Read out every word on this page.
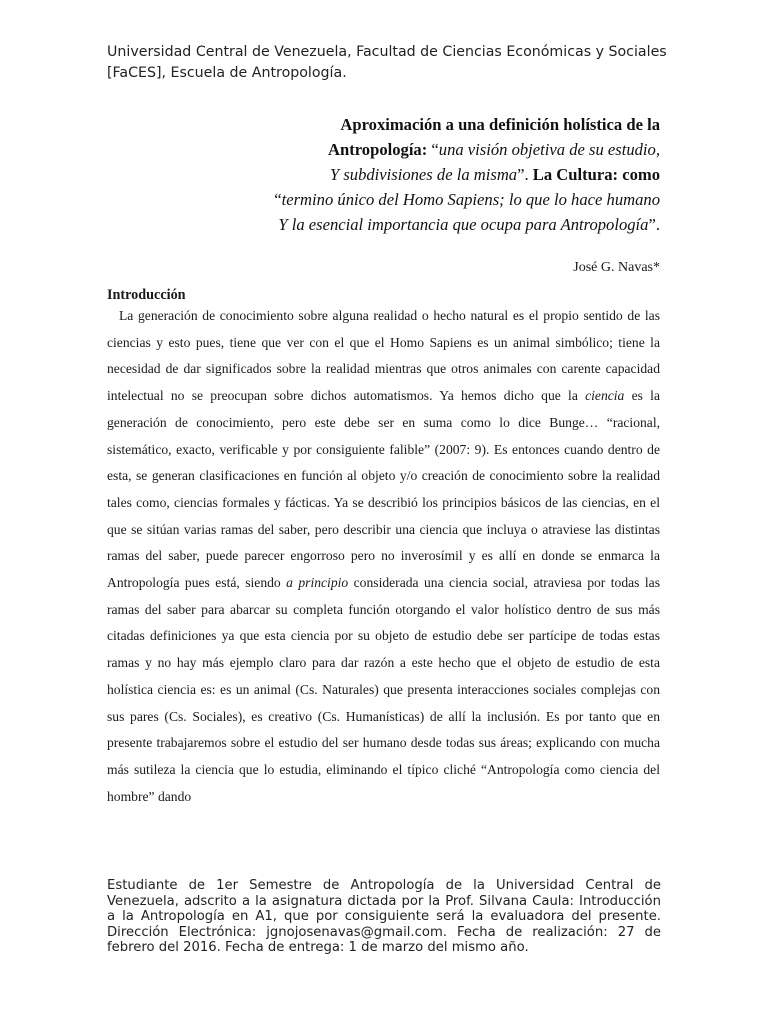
Universidad Central de Venezuela, Facultad de Ciencias Económicas y Sociales [FaCES], Escuela de Antropología.
Aproximación a una definición holística de la
Antropología: “una visión objetiva de su estudio,
Y subdivisiones de la misma”. La Cultura: como
“termino único del Homo Sapiens; lo que lo hace humano
Y la esencial importancia que ocupa para Antropología”.
José G. Navas*
Introducción
La generación de conocimiento sobre alguna realidad o hecho natural es el propio sentido de las ciencias y esto pues, tiene que ver con el que el Homo Sapiens es un animal simbólico; tiene la necesidad de dar significados sobre la realidad mientras que otros animales con carente capacidad intelectual no se preocupan sobre dichos automatismos. Ya hemos dicho que la ciencia es la generación de conocimiento, pero este debe ser en suma como lo dice Bunge… “racional, sistemático, exacto, verificable y por consiguiente falible” (2007: 9). Es entonces cuando dentro de esta, se generan clasificaciones en función al objeto y/o creación de conocimiento sobre la realidad tales como, ciencias formales y fácticas. Ya se describió los principios básicos de las ciencias, en el que se sitúan varias ramas del saber, pero describir una ciencia que incluya o atraviese las distintas ramas del saber, puede parecer engorroso pero no inverosímil y es allí en donde se enmarca la Antropología pues está, siendo a principio considerada una ciencia social, atraviesa por todas las ramas del saber para abarcar su completa función otorgando el valor holístico dentro de sus más citadas definiciones ya que esta ciencia por su objeto de estudio debe ser partícipe de todas estas ramas y no hay más ejemplo claro para dar razón a este hecho que el objeto de estudio de esta holística ciencia es: es un animal (Cs. Naturales) que presenta interacciones sociales complejas con sus pares (Cs. Sociales), es creativo (Cs. Humanísticas) de allí la inclusión. Es por tanto que en presente trabajaremos sobre el estudio del ser humano desde todas sus áreas; explicando con mucha más sutileza la ciencia que lo estudia, eliminando el típico cliché “Antropología como ciencia del hombre” dando
Estudiante de 1er Semestre de Antropología de la Universidad Central de Venezuela, adscrito a la asignatura dictada por la Prof. Silvana Caula: Introducción a la Antropología en A1, que por consiguiente será la evaluadora del presente. Dirección Electrónica: jgnojosenavas@gmail.com. Fecha de realización: 27 de febrero del 2016. Fecha de entrega: 1 de marzo del mismo año.
